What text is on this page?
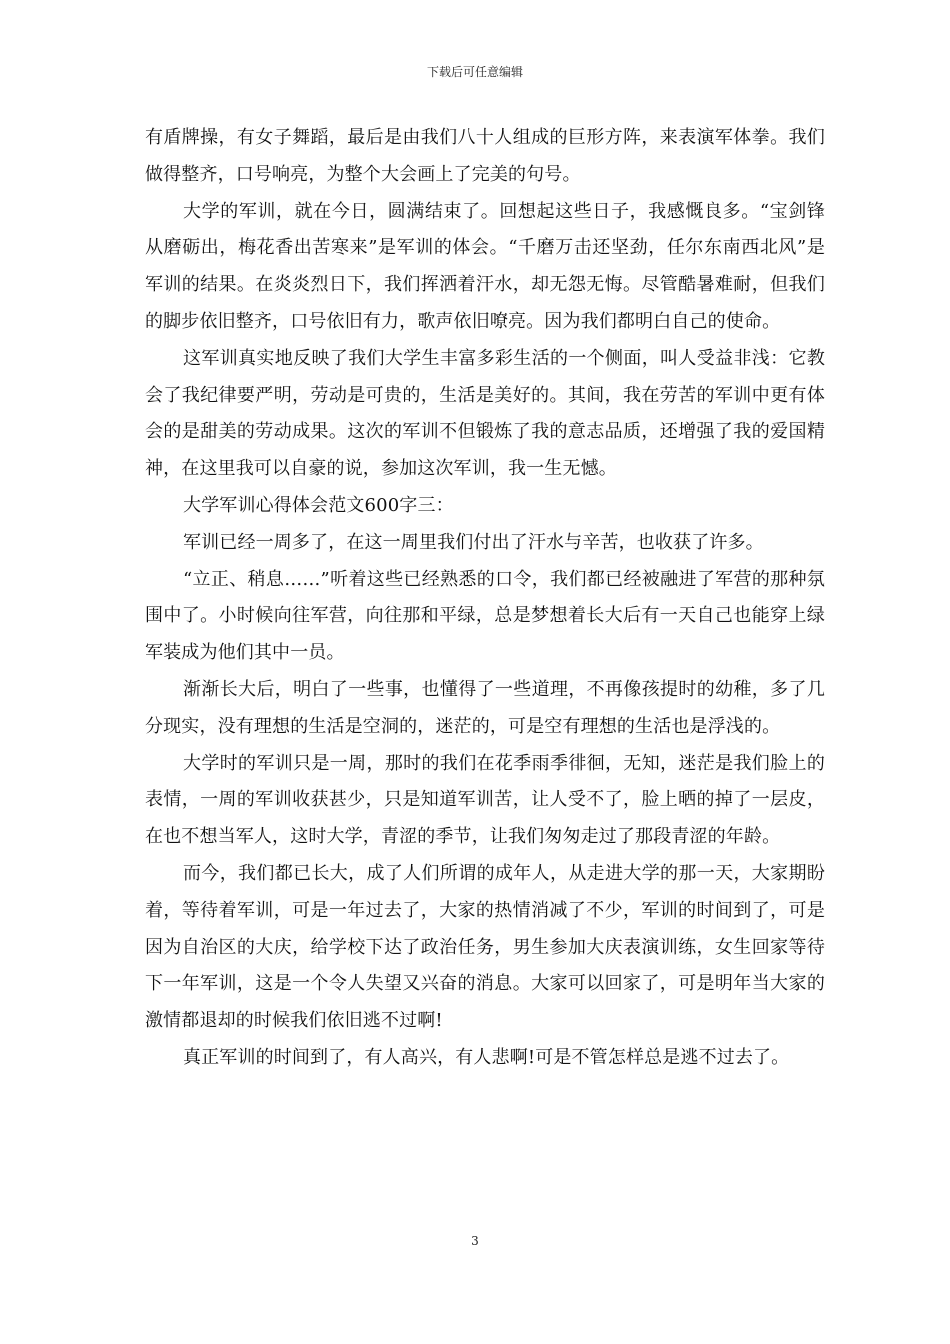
下载后可任意编辑

有盾牌操，有女子舞蹈，最后是由我们八十人组成的巨形方阵，来表演军体拳。我们做得整齐，口号响亮，为整个大会画上了完美的句号。

大学的军训，就在今日，圆满结束了。回想起这些日子，我感慨良多。“宝剑锋从磨砺出，梅花香出苦寒来”是军训的体会。“千磨万击还坚劲，任尔东南西北风”是军训的结果。在炎炎烈日下，我们挥洒着汗水，却无怨无悔。尽管酷暑难耐，但我们的脚步依旧整齐，口号依旧有力，歌声依旧嘹亮。因为我们都明白自己的使命。

这军训真实地反映了我们大学生丰富多彩生活的一个侧面，叫人受益非浅：它教会了我纪律要严明，劳动是可贵的，生活是美好的。其间，我在劳苦的军训中更有体会的是甜美的劳动成果。这次的军训不但锻炼了我的意志品质，还增强了我的爱国精神，在这里我可以自豪的说，参加这次军训，我一生无憾。

大学军训心得体会范文600字三：

军训已经一周多了，在这一周里我们付出了汗水与辛苦，也收获了许多。

“立正、稍息……”听着这些已经熟悉的口令，我们都已经被融进了军营的那种氛围中了。小时候向往军营，向往那和平绿，总是梦想着长大后有一天自己也能穿上绿军装成为他们其中一员。

渐渐长大后，明白了一些事，也懂得了一些道理，不再像孩提时的幼稚，多了几分现实，没有理想的生活是空洞的，迷茫的，可是空有理想的生活也是浮浅的。

大学时的军训只是一周，那时的我们在花季雨季徘徊，无知，迷茫是我们脸上的表情，一周的军训收获甚少，只是知道军训苦，让人受不了，脸上晒的掉了一层皮，在也不想当军人，这时大学，青涩的季节，让我们匆匆走过了那段青涩的年龄。

而今，我们都已长大，成了人们所谓的成年人，从走进大学的那一天，大家期盼着，等待着军训，可是一年过去了，大家的热情消减了不少，军训的时间到了，可是因为自治区的大庆，给学校下达了政治任务，男生参加大庆表演训练，女生回家等待下一年军训，这是一个令人失望又兴奋的消息。大家可以回家了，可是明年当大家的激情都退却的时候我们依旧逃不过啊!

真正军训的时间到了，有人高兴，有人悲啊!可是不管怎样总是逃不过去了。

3
